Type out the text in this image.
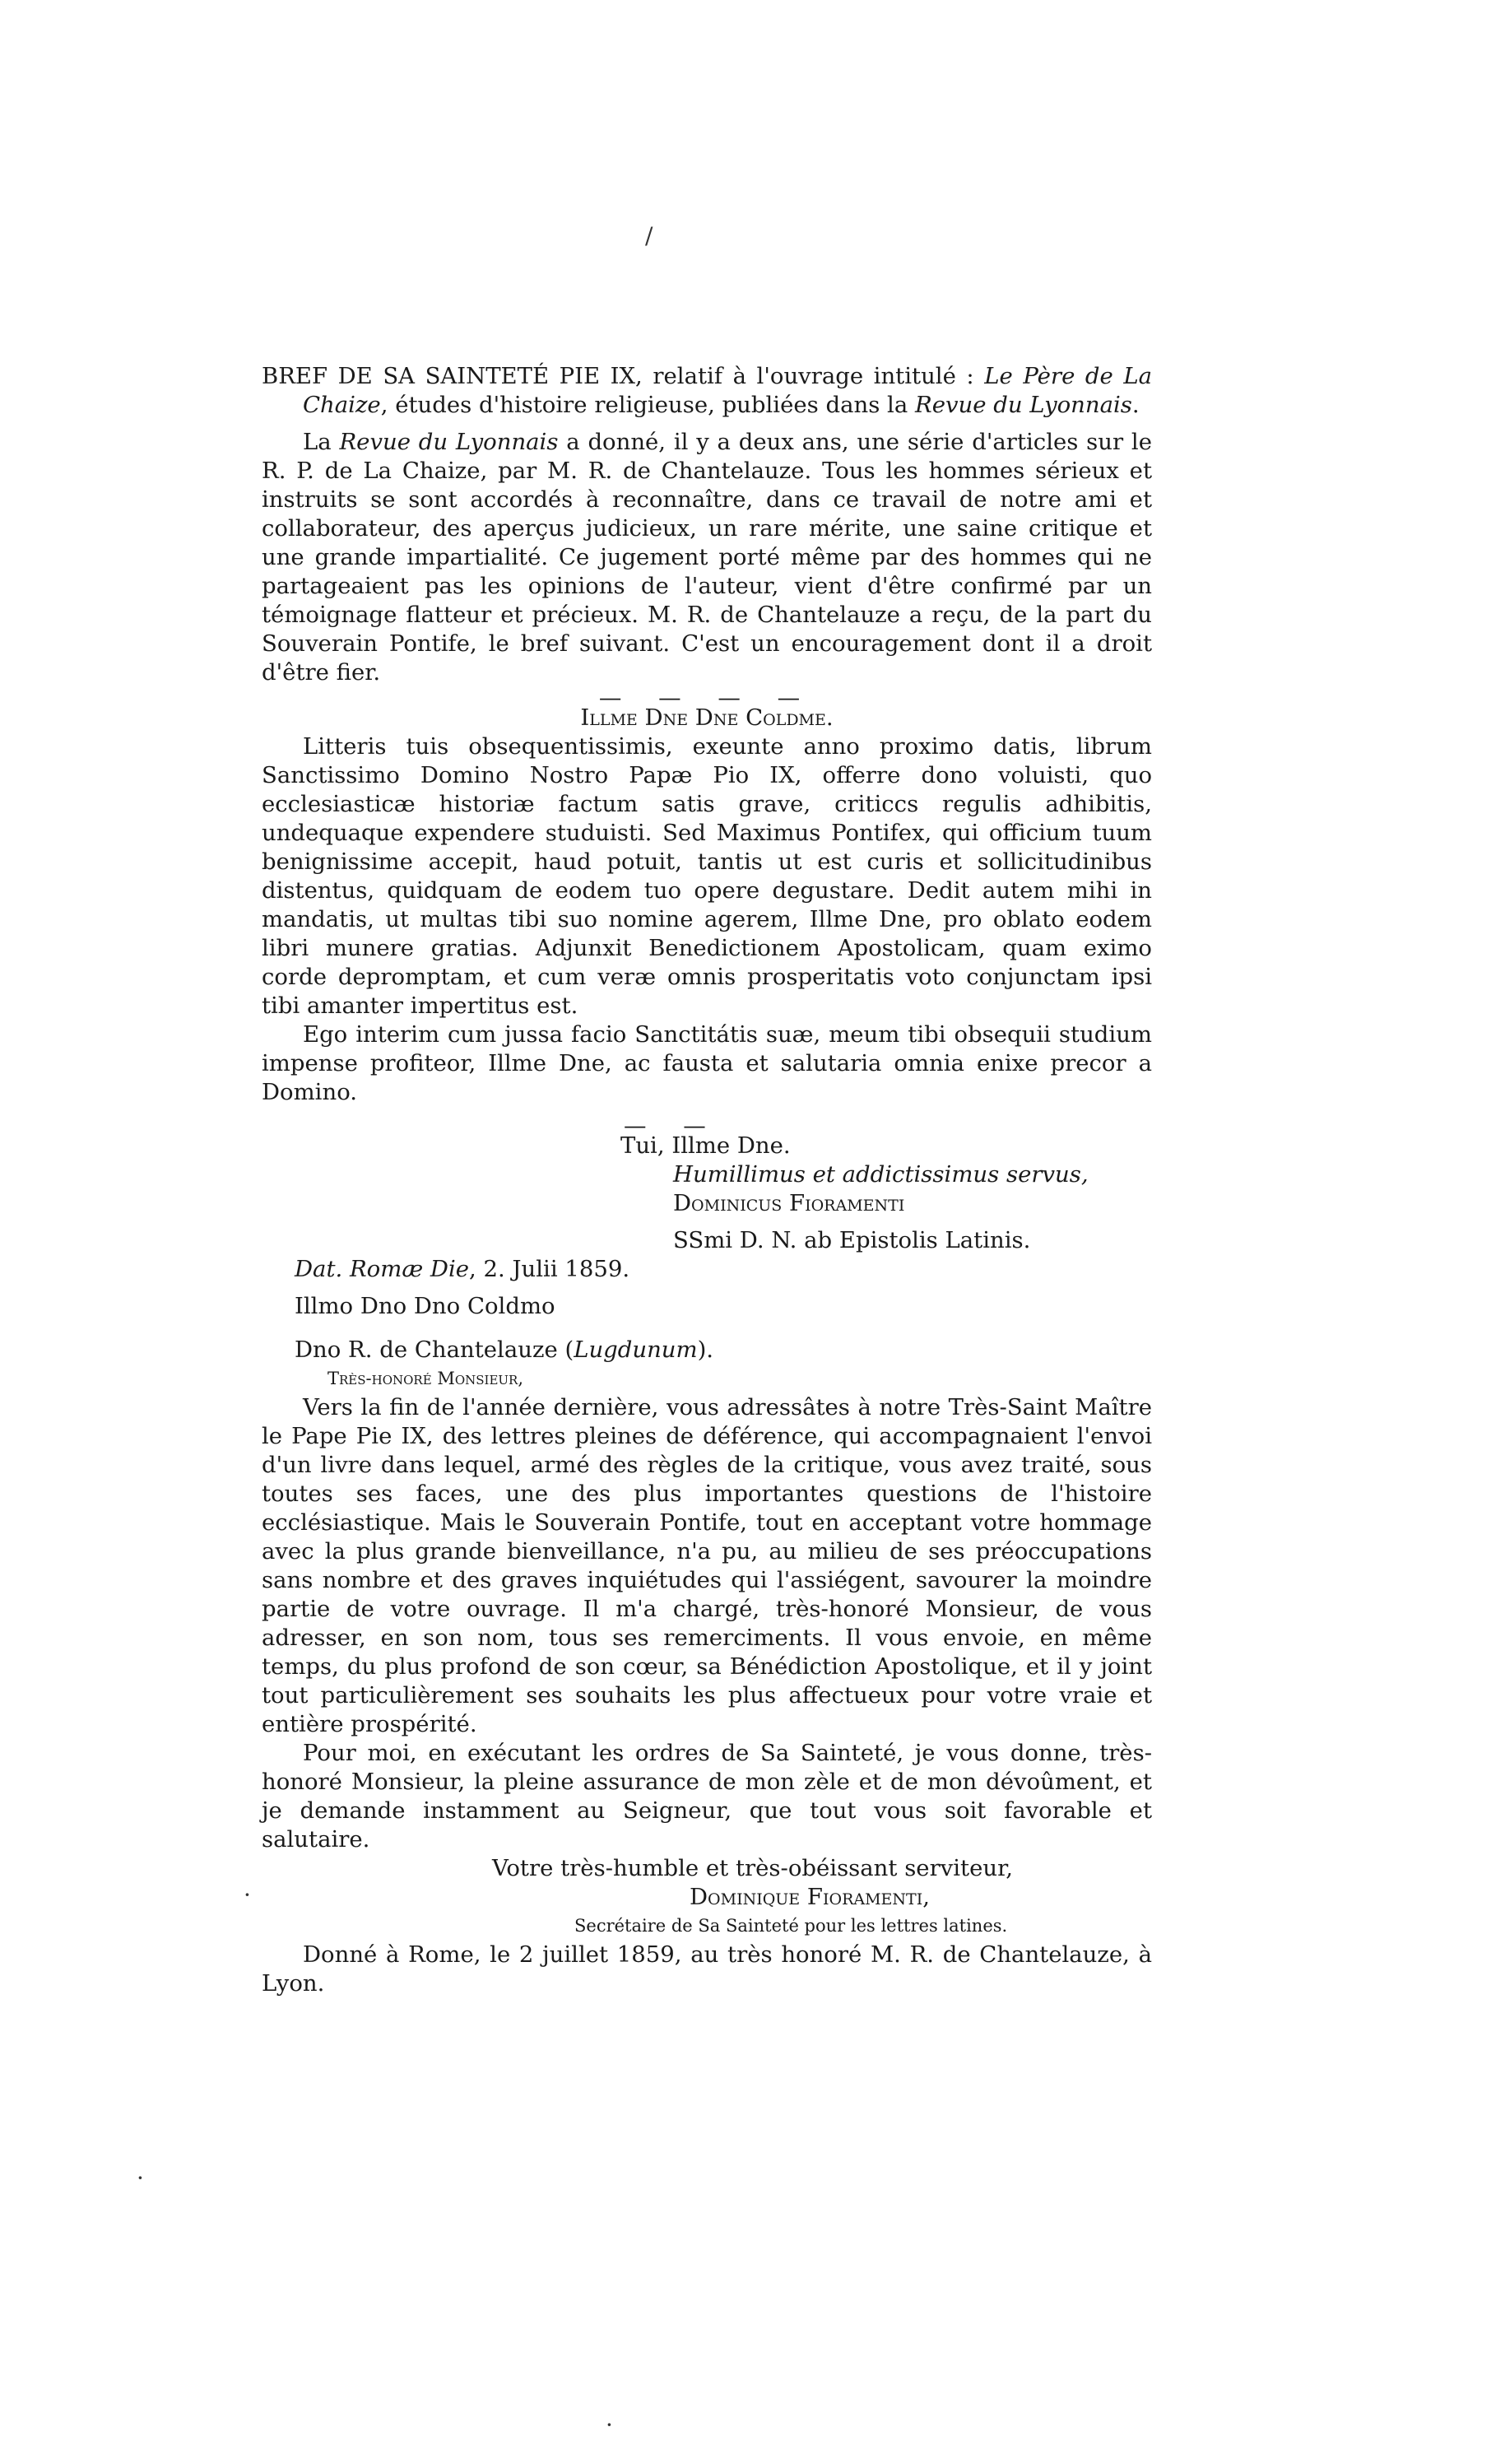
/
·
·
·

BREF DE SA SAINTETÉ PIE IX, relatif à l'ouvrage intitulé : Le Père de La Chaize, études d'histoire religieuse, publiées dans la Revue du Lyonnais.

La Revue du Lyonnais a donné, il y a deux ans, une série d'articles sur le R. P. de La Chaize, par M. R. de Chantelauze. Tous les hommes sérieux et instruits se sont accordés à reconnaître, dans ce travail de notre ami et collaborateur, des aperçus judicieux, un rare mérite, une saine critique et une grande impartialité. Ce jugement porté même par des hommes qui ne partageaient pas les opinions de l'auteur, vient d'être confirmé par un témoignage flatteur et précieux. M. R. de Chantelauze a reçu, de la part du Souverain Pontife, le bref suivant. C'est un encouragement dont il a droit d'être fier.

— — — —

Illme Dne Dne Coldme.

Litteris tuis obsequentissimis, exeunte anno proximo datis, librum Sanctissimo Domino Nostro Papæ Pio IX, offerre dono voluisti, quo ecclesiasticæ historiæ factum satis grave, criticcs regulis adhibitis, undequaque expendere studuisti. Sed Maximus Pontifex, qui officium tuum benignissime accepit, haud potuit, tantis ut est curis et sollicitudinibus distentus, quidquam de eodem tuo opere degustare. Dedit autem mihi in mandatis, ut multas tibi suo nomine agerem, Illme Dne, pro oblato eodem libri munere gratias. Adjunxit Benedictionem Apostolicam, quam eximo corde depromptam, et cum veræ omnis prosperitatis voto conjunctam ipsi tibi amanter impertitus est.

Ego interim cum jussa facio Sanctitátis suæ, meum tibi obsequii studium impense profiteor, Illme Dne, ac fausta et salutaria omnia enixe precor a Domino.

— —

Tui, Illme Dne.

Humillimus et addictissimus servus,

Dominicus Fioramenti

SSmi D. N. ab Epistolis Latinis.

Dat. Romæ Die, 2. Julii 1859.

Illmo Dno Dno Coldmo

Dno R. de Chantelauze (Lugdunum).

Très-honoré Monsieur,

Vers la fin de l'année dernière, vous adressâtes à notre Très-Saint Maître le Pape Pie IX, des lettres pleines de déférence, qui accompagnaient l'envoi d'un livre dans lequel, armé des règles de la critique, vous avez traité, sous toutes ses faces, une des plus importantes questions de l'histoire ecclésiastique. Mais le Souverain Pontife, tout en acceptant votre hommage avec la plus grande bienveillance, n'a pu, au milieu de ses préoccupations sans nombre et des graves inquiétudes qui l'assiégent, savourer la moindre partie de votre ouvrage. Il m'a chargé, très-honoré Monsieur, de vous adresser, en son nom, tous ses remerciments. Il vous envoie, en même temps, du plus profond de son cœur, sa Bénédiction Apostolique, et il y joint tout particulièrement ses souhaits les plus affectueux pour votre vraie et entière prospérité.

Pour moi, en exécutant les ordres de Sa Sainteté, je vous donne, très-honoré Monsieur, la pleine assurance de mon zèle et de mon dévoûment, et je demande instamment au Seigneur, que tout vous soit favorable et salutaire.

Votre très-humble et très-obéissant serviteur,

Dominique Fioramenti,

Secrétaire de Sa Sainteté pour les lettres latines.

Donné à Rome, le 2 juillet 1859, au très honoré M. R. de Chantelauze, à Lyon.
